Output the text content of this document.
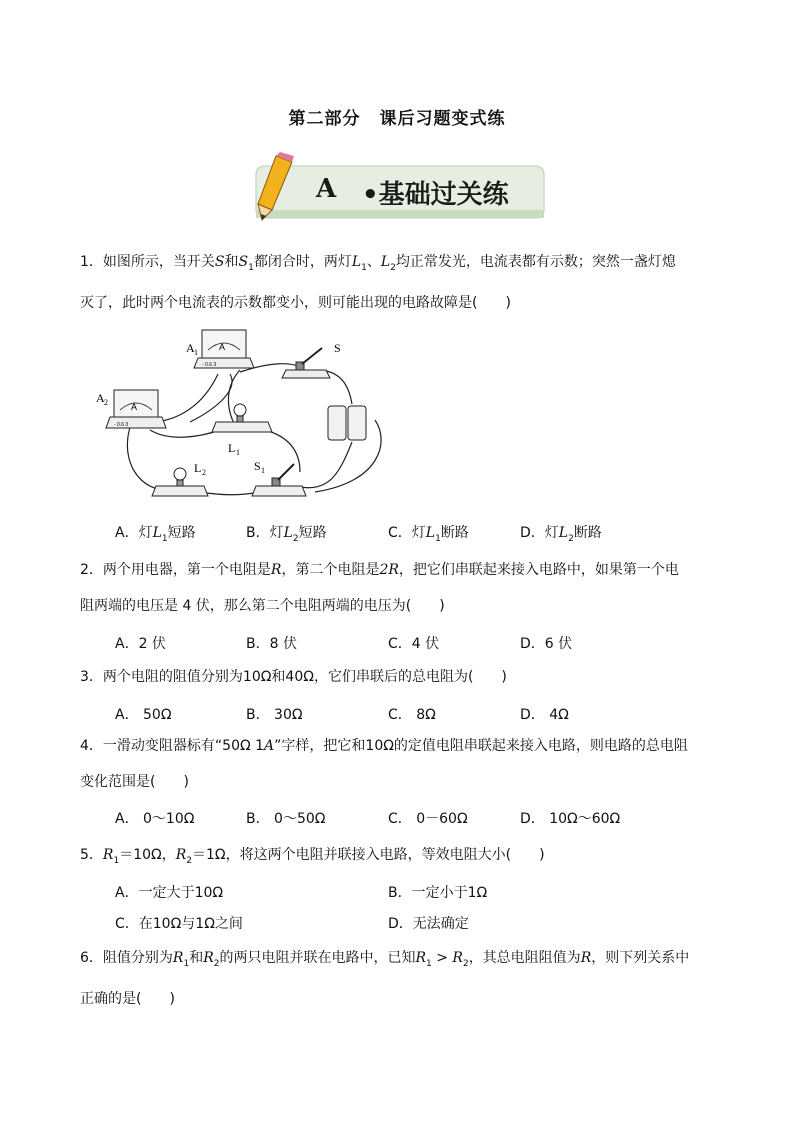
第二部分 课后习题变式练
A •基础过关练
1．如图所示，当开关S和$S_1$都闭合时，两灯$L_1$、$L_2$均正常发光，电流表都有示数；突然一盏灯熄
灭了，此时两个电流表的示数都变小，则可能出现的电路故障是( )
A
- 0.6 3
A 1
A
- 0.6 3
A 2
S
L 1
L 2	S 1
A．灯$L_1$短路	B．灯$L_2$短路	C．灯$L_1$断路	D．灯$L_2$断路
2．两个用电器，第一个电阻是R，第二个电阻是2R，把它们串联起来接入电路中，如果第一个电
阻两端的电压是 4 伏，那么第二个电阻两端的电压为( )
A．2 伏	B．8 伏	C．4 伏	D．6 伏
3．两个电阻的阻值分别为10Ω和40Ω，它们串联后的总电阻为( )
A． 50Ω	B． 30Ω	C． 8Ω	D． 4Ω
4．一滑动变阻器标有“50Ω 1A”字样，把它和10Ω的定值电阻串联起来接入电路，则电路的总电阻
变化范围是( )
A． 0～10Ω	B． 0～50Ω	C． 0－60Ω	D． 10Ω～60Ω
5．$R_1=10\Omega$，$R_2=1\Omega$，将这两个电阻并联接入电路，等效电阻大小( )
A．一定大于10Ω	B．一定小于1Ω
C．在10Ω与1Ω之间	D．无法确定
6．阻值分别为$R_1$和$R_2$的两只电阻并联在电路中，已知$R_1 > R_2$，其总电阻阻值为R，则下列关系中
正确的是( )
